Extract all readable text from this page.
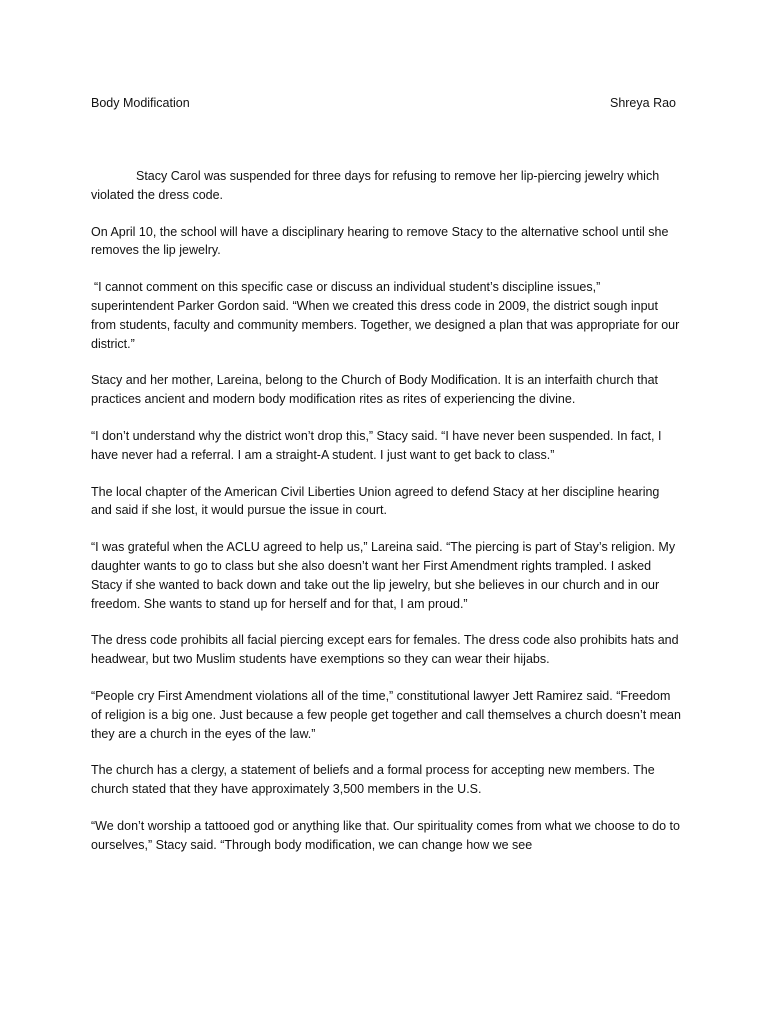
Body Modification	Shreya Rao

Stacy Carol was suspended for three days for refusing to remove her lip-piercing jewelry which violated the dress code.

On April 10, the school will have a disciplinary hearing to remove Stacy to the alternative school until she removes the lip jewelry.

“I cannot comment on this specific case or discuss an individual student’s discipline issues,” superintendent Parker Gordon said. “When we created this dress code in 2009, the district sough input from students, faculty and community members. Together, we designed a plan that was appropriate for our district.”

Stacy and her mother, Lareina, belong to the Church of Body Modification. It is an interfaith church that practices ancient and modern body modification rites as rites of experiencing the divine.

“I don’t understand why the district won’t drop this,” Stacy said. “I have never been suspended. In fact, I have never had a referral. I am a straight-A student. I just want to get back to class.”

The local chapter of the American Civil Liberties Union agreed to defend Stacy at her discipline hearing and said if she lost, it would pursue the issue in court.

“I was grateful when the ACLU agreed to help us,” Lareina said. “The piercing is part of Stay’s religion. My daughter wants to go to class but she also doesn’t want her First Amendment rights trampled. I asked Stacy if she wanted to back down and take out the lip jewelry, but she believes in our church and in our freedom. She wants to stand up for herself and for that, I am proud.”

The dress code prohibits all facial piercing except ears for females. The dress code also prohibits hats and headwear, but two Muslim students have exemptions so they can wear their hijabs.

“People cry First Amendment violations all of the time,” constitutional lawyer Jett Ramirez said. “Freedom of religion is a big one. Just because a few people get together and call themselves a church doesn’t mean they are a church in the eyes of the law.”

The church has a clergy, a statement of beliefs and a formal process for accepting new members. The church stated that they have approximately 3,500 members in the U.S.

“We don’t worship a tattooed god or anything like that. Our spirituality comes from what we choose to do to ourselves,” Stacy said. “Through body modification, we can change how we see
